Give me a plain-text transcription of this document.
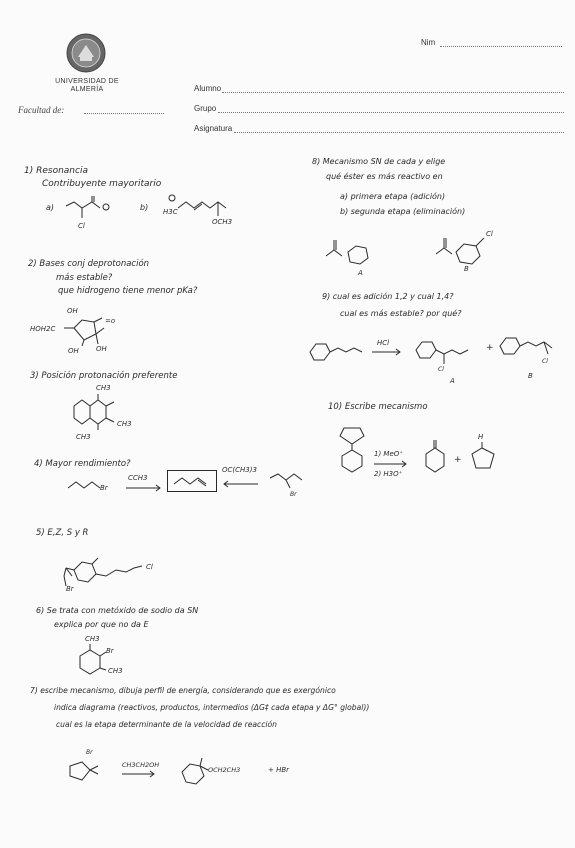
UNIVERSIDAD DE ALMERÍA
Facultad de:
Nim
Alumno
Grupo
Asignatura
1) Resonancia
Contribuyente mayoritario
a)
Cl
b) H3C
OCH3
2) Bases conj deprotonación
más estable?
que hidrogeno tiene menor pKa?
HOH2C
OH
OH OH
=o
3) Posición protonación preferente
CH3
CH3
CH3
4) Mayor rendimiento?
Br
CCH3
OC(CH3)3
Br
5) E,Z, S y R
Cl
Br
6) Se trata con metóxido de sodio da SN
explica por que no da E
CH3
Br
CH3
7) escribe mecanismo, dibuja perfil de energía, considerando que es exergónico
indica diagrama (reactivos, productos, intermedios (ΔG‡ cada etapa y ΔG° global))
cual es la etapa determinante de la velocidad de reacción
Br
CH3CH2OH
OCH2CH3	+ HBr
8) Mecanismo SN de cada y elige
qué éster es más reactivo en
a) primera etapa (adición)
b) segunda etapa (eliminación)
A
Cl
B
9) cual es adición 1,2 y cual 1,4?
cual es más estable? por qué?
HCl
Cl
A
+
Cl
B
10) Escribe mecanismo
1) MeO⁺
2) H3O⁺
+
H
